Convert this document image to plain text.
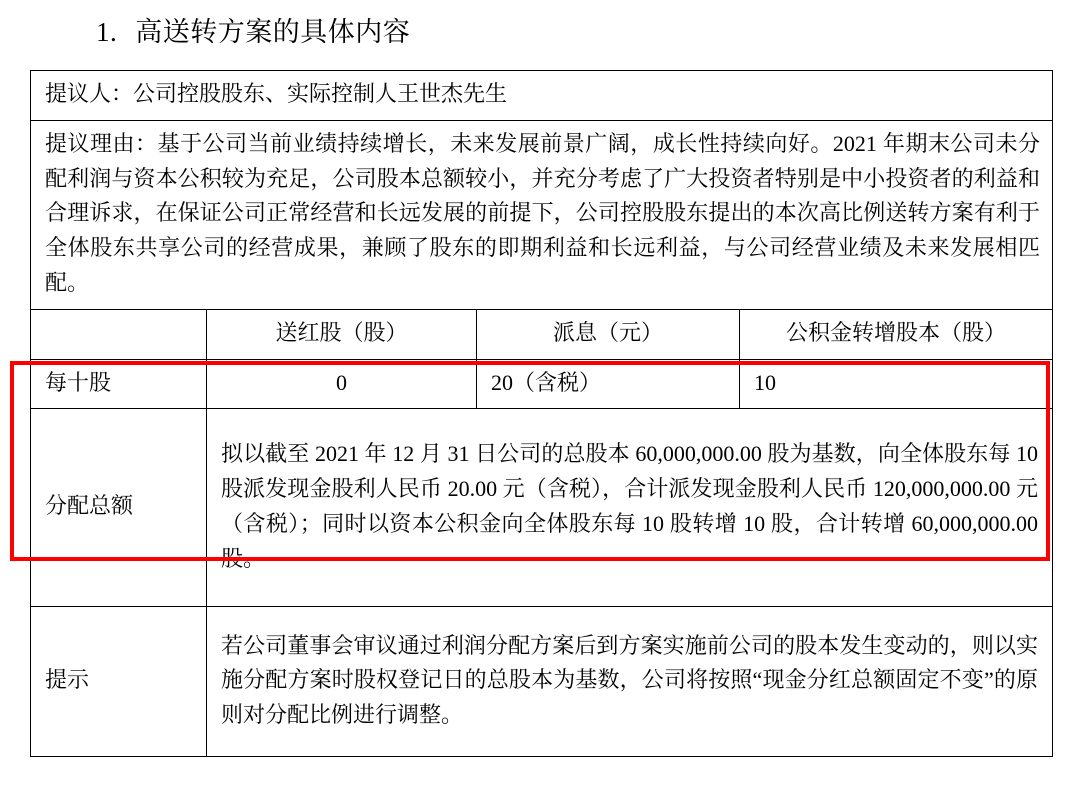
1. 高送转方案的具体内容
提议人：公司控股股东、实际控制人王世杰先生			
提议理由：基于公司当前业绩持续增长，未来发展前景广阔，成长性持续向好。2021 年期末公司未分配利润与资本公积较为充足，公司股本总额较小，并充分考虑了广大投资者特别是中小投资者的利益和合理诉求，在保证公司正常经营和长远发展的前提下，公司控股股东提出的本次高比例送转方案有利于全体股东共享公司的经营成果，兼顾了股东的即期利益和长远利益，与公司经营业绩及未来发展相匹配。			
	送红股（股）	派息（元）	公积金转增股本（股）
每十股	0	20（含税）	10
分配总额	拟以截至 2021 年 12 月 31 日公司的总股本 60,000,000.00 股为基数，向全体股东每 10 股派发现金股利人民币 20.00 元（含税），合计派发现金股利人民币 120,000,000.00 元（含税）；同时以资本公积金向全体股东每 10 股转增 10 股，合计转增 60,000,000.00 股。		
提示	若公司董事会审议通过利润分配方案后到方案实施前公司的股本发生变动的，则以实施分配方案时股权登记日的总股本为基数，公司将按照“现金分红总额固定不变”的原则对分配比例进行调整。		
